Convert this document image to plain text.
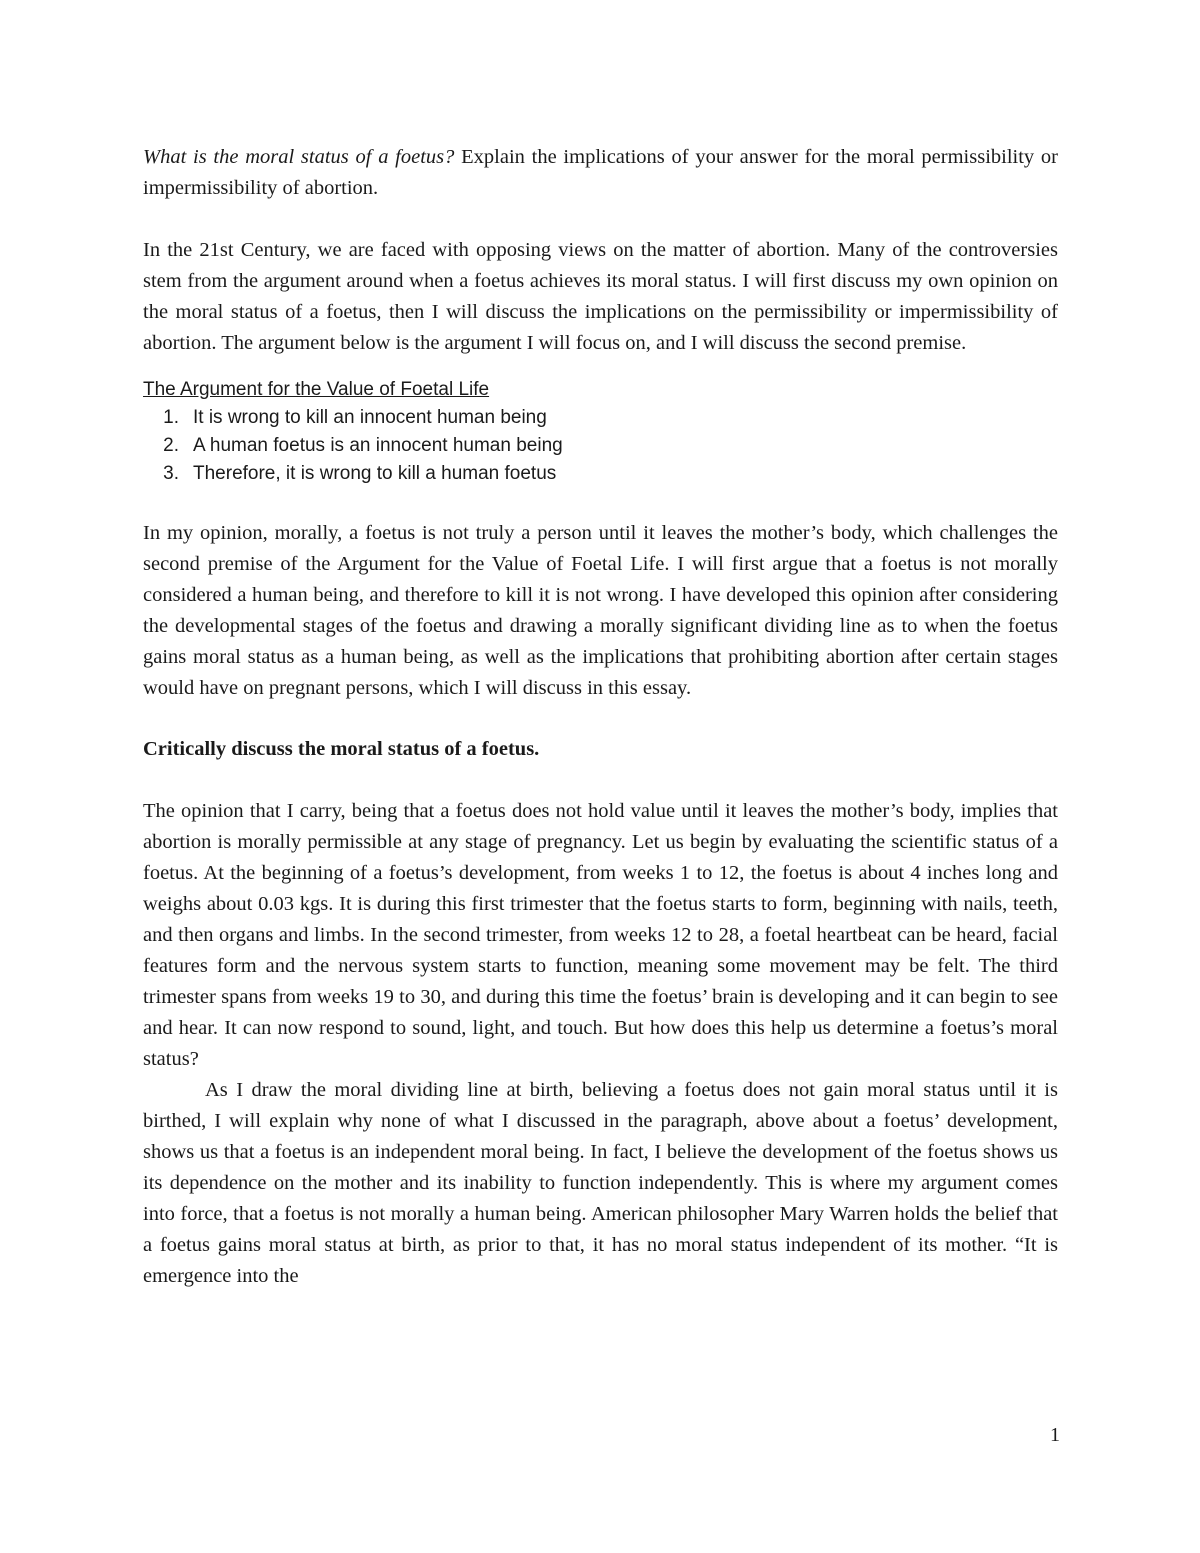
What is the moral status of a foetus? Explain the implications of your answer for the moral permissibility or impermissibility of abortion.

In the 21st Century, we are faced with opposing views on the matter of abortion. Many of the controversies stem from the argument around when a foetus achieves its moral status. I will first discuss my own opinion on the moral status of a foetus, then I will discuss the implications on the permissibility or impermissibility of abortion. The argument below is the argument I will focus on, and I will discuss the second premise.

The Argument for the Value of Foetal Life
1. It is wrong to kill an innocent human being
2. A human foetus is an innocent human being
3. Therefore, it is wrong to kill a human foetus

In my opinion, morally, a foetus is not truly a person until it leaves the mother’s body, which challenges the second premise of the Argument for the Value of Foetal Life. I will first argue that a foetus is not morally considered a human being, and therefore to kill it is not wrong. I have developed this opinion after considering the developmental stages of the foetus and drawing a morally significant dividing line as to when the foetus gains moral status as a human being, as well as the implications that prohibiting abortion after certain stages would have on pregnant persons, which I will discuss in this essay.

Critically discuss the moral status of a foetus.

The opinion that I carry, being that a foetus does not hold value until it leaves the mother’s body, implies that abortion is morally permissible at any stage of pregnancy. Let us begin by evaluating the scientific status of a foetus. At the beginning of a foetus’s development, from weeks 1 to 12, the foetus is about 4 inches long and weighs about 0.03 kgs. It is during this first trimester that the foetus starts to form, beginning with nails, teeth, and then organs and limbs. In the second trimester, from weeks 12 to 28, a foetal heartbeat can be heard, facial features form and the nervous system starts to function, meaning some movement may be felt. The third trimester spans from weeks 19 to 30, and during this time the foetus’ brain is developing and it can begin to see and hear. It can now respond to sound, light, and touch. But how does this help us determine a foetus’s moral status?

As I draw the moral dividing line at birth, believing a foetus does not gain moral status until it is birthed, I will explain why none of what I discussed in the paragraph, above about a foetus’ development, shows us that a foetus is an independent moral being. In fact, I believe the development of the foetus shows us its dependence on the mother and its inability to function independently. This is where my argument comes into force, that a foetus is not morally a human being. American philosopher Mary Warren holds the belief that a foetus gains moral status at birth, as prior to that, it has no moral status independent of its mother. “It is emergence into the

1
